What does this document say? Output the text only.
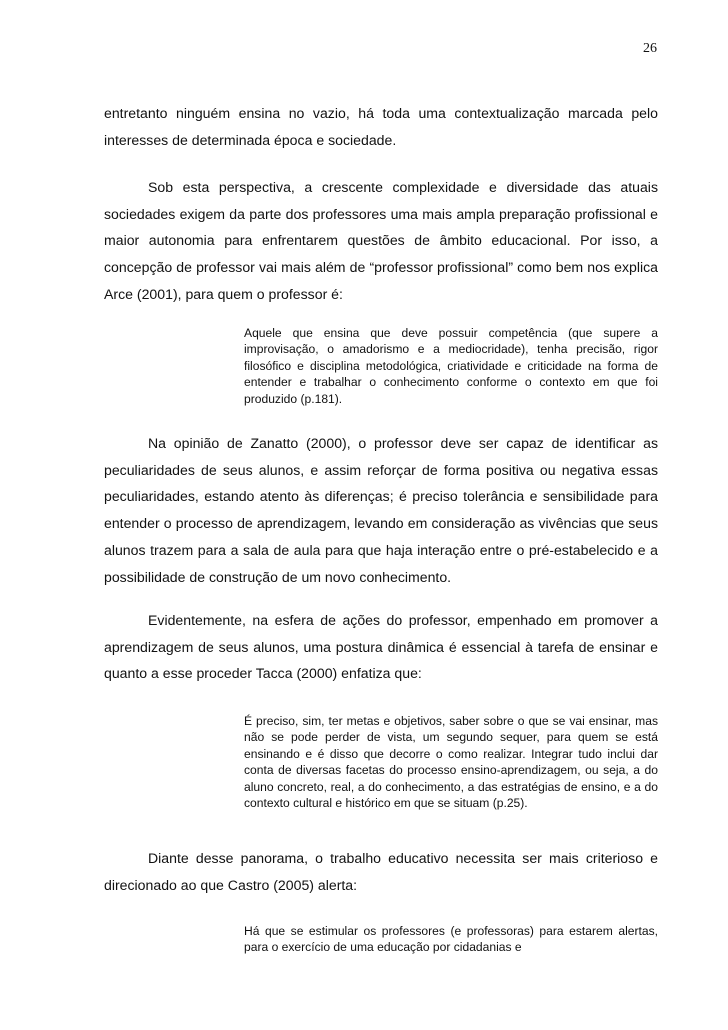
26

entretanto ninguém ensina no vazio, há toda uma contextualização marcada pelo interesses de determinada época e sociedade.

Sob esta perspectiva, a crescente complexidade e diversidade das atuais sociedades exigem da parte dos professores uma mais ampla preparação profissional e maior autonomia para enfrentarem questões de âmbito educacional. Por isso, a concepção de professor vai mais além de “professor profissional” como bem nos explica Arce (2001), para quem o professor é:

Aquele que ensina que deve possuir competência (que supere a improvisação, o amadorismo e a mediocridade), tenha precisão, rigor filosófico e disciplina metodológica, criatividade e criticidade na forma de entender e trabalhar o conhecimento conforme o contexto em que foi produzido (p.181).

Na opinião de Zanatto (2000), o professor deve ser capaz de identificar as peculiaridades de seus alunos, e assim reforçar de forma positiva ou negativa essas peculiaridades, estando atento às diferenças; é preciso tolerância e sensibilidade para entender o processo de aprendizagem, levando em consideração as vivências que seus alunos trazem para a sala de aula para que haja interação entre o pré-estabelecido e a possibilidade de construção de um novo conhecimento.

Evidentemente, na esfera de ações do professor, empenhado em promover a aprendizagem de seus alunos, uma postura dinâmica é essencial à tarefa de ensinar e quanto a esse proceder Tacca (2000) enfatiza que:

É preciso, sim, ter metas e objetivos, saber sobre o que se vai ensinar, mas não se pode perder de vista, um segundo sequer, para quem se está ensinando e é disso que decorre o como realizar. Integrar tudo inclui dar conta de diversas facetas do processo ensino-aprendizagem, ou seja, a do aluno concreto, real, a do conhecimento, a das estratégias de ensino, e a do contexto cultural e histórico em que se situam (p.25).

Diante desse panorama, o trabalho educativo necessita ser mais criterioso e direcionado ao que Castro (2005) alerta:

Há que se estimular os professores (e professoras) para estarem alertas, para o exercício de uma educação por cidadanias e
